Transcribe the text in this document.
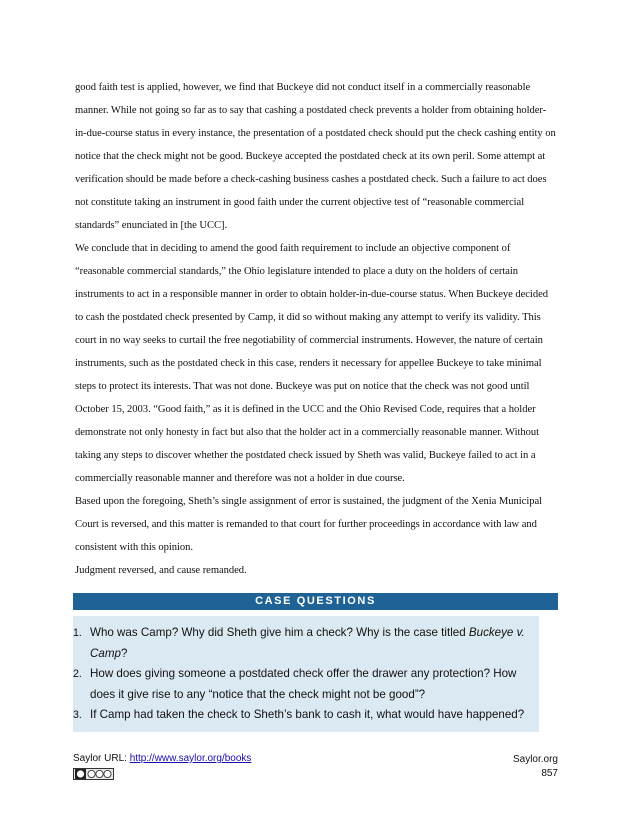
good faith test is applied, however, we find that Buckeye did not conduct itself in a commercially reasonable manner. While not going so far as to say that cashing a postdated check prevents a holder from obtaining holder-in-due-course status in every instance, the presentation of a postdated check should put the check cashing entity on notice that the check might not be good. Buckeye accepted the postdated check at its own peril. Some attempt at verification should be made before a check-cashing business cashes a postdated check. Such a failure to act does not constitute taking an instrument in good faith under the current objective test of “reasonable commercial standards” enunciated in [the UCC].

We conclude that in deciding to amend the good faith requirement to include an objective component of “reasonable commercial standards,” the Ohio legislature intended to place a duty on the holders of certain instruments to act in a responsible manner in order to obtain holder-in-due-course status. When Buckeye decided to cash the postdated check presented by Camp, it did so without making any attempt to verify its validity. This court in no way seeks to curtail the free negotiability of commercial instruments. However, the nature of certain instruments, such as the postdated check in this case, renders it necessary for appellee Buckeye to take minimal steps to protect its interests. That was not done. Buckeye was put on notice that the check was not good until October 15, 2003. “Good faith,” as it is defined in the UCC and the Ohio Revised Code, requires that a holder demonstrate not only honesty in fact but also that the holder act in a commercially reasonable manner. Without taking any steps to discover whether the postdated check issued by Sheth was valid, Buckeye failed to act in a commercially reasonable manner and therefore was not a holder in due course.

Based upon the foregoing, Sheth’s single assignment of error is sustained, the judgment of the Xenia Municipal Court is reversed, and this matter is remanded to that court for further proceedings in accordance with law and consistent with this opinion.

Judgment reversed, and cause remanded.

CASE QUESTIONS
1. Who was Camp? Why did Sheth give him a check? Why is the case titled Buckeye v. Camp?
2. How does giving someone a postdated check offer the drawer any protection? How does it give rise to any “notice that the check might not be good”?
3. If Camp had taken the check to Sheth’s bank to cash it, what would have happened?
Saylor URL: http://www.saylor.org/books	Saylor.org
857
